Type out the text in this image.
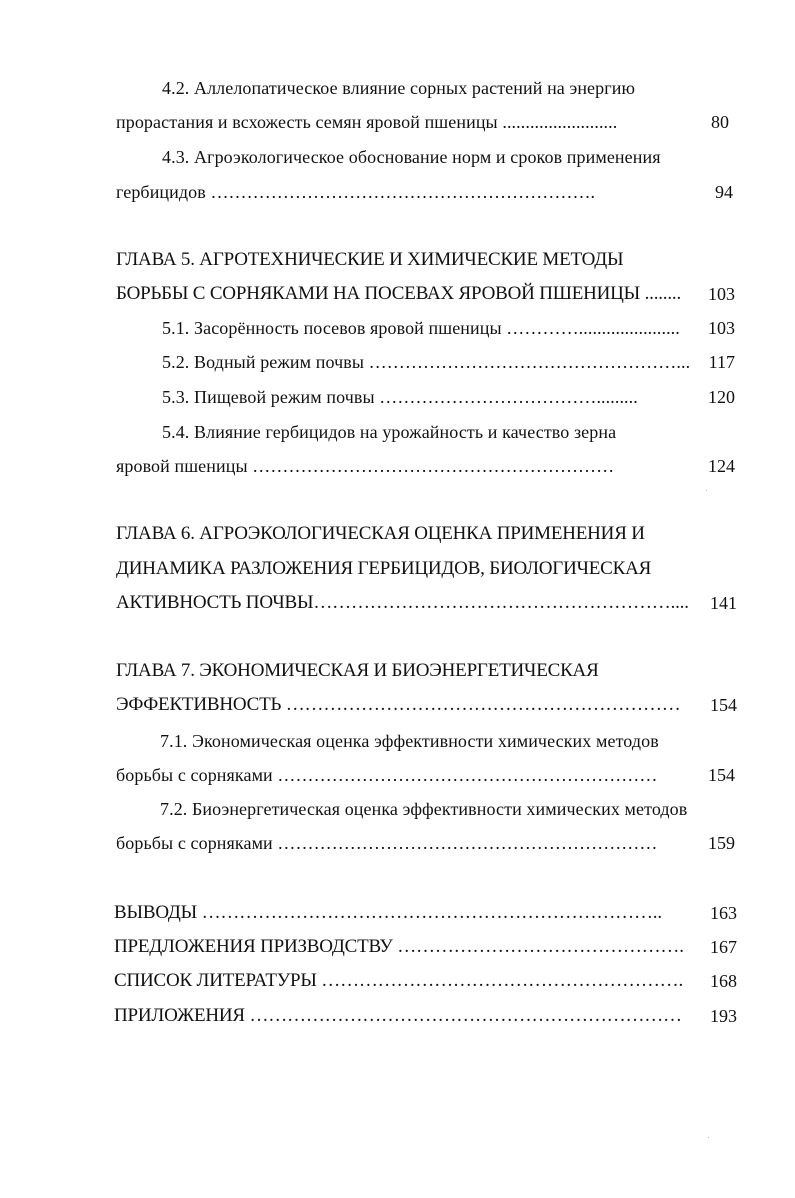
4.2. Аллелопатическое влияние сорных растений на энергию
прорастания и всхожесть семян яровой пшеницы .........................	80
4.3. Агроэкологическое обоснование норм и сроков применения
гербицидов ……………………………………………………….	94
ГЛАВА 5. АГРОТЕХНИЧЕСКИЕ И ХИМИЧЕСКИЕ МЕТОДЫ
БОРЬБЫ С СОРНЯКАМИ НА ПОСЕВАХ ЯРОВОЙ ПШЕНИЦЫ ........ 103
5.1. Засорённость посевов яровой пшеницы …………...................... 103
5.2. Водный режим почвы ……………………………………………... 117
5.3. Пищевой режим почвы ……………………………….........	120
5.4. Влияние гербицидов на урожайность и качество зерна
яровой пшеницы ……………………………………………………	124
ГЛАВА 6. АГРОЭКОЛОГИЧЕСКАЯ ОЦЕНКА ПРИМЕНЕНИЯ И
ДИНАМИКА РАЗЛОЖЕНИЯ ГЕРБИЦИДОВ, БИОЛОГИЧЕСКАЯ
АКТИВНОСТЬ ПОЧВЫ………………………………………………….... 141
ГЛАВА 7. ЭКОНОМИЧЕСКАЯ И БИОЭНЕРГЕТИЧЕСКАЯ
ЭФФЕКТИВНОСТЬ ……………………………………………………… 154
7.1. Экономическая оценка эффективности химических методов
борьбы с сорняками ………………………………………………………	154
7.2. Биоэнергетическая оценка эффективности химических методов
борьбы с сорняками ………………………………………………………	159
ВЫВОДЫ ………………………………………………………………..	163
ПРЕДЛОЖЕНИЯ ПРИЗВОДСТВУ ………………………………………. 167
СПИСОК ЛИТЕРАТУРЫ …………………………………………………. 168
ПРИЛОЖЕНИЯ …………………………………………………………… 193
